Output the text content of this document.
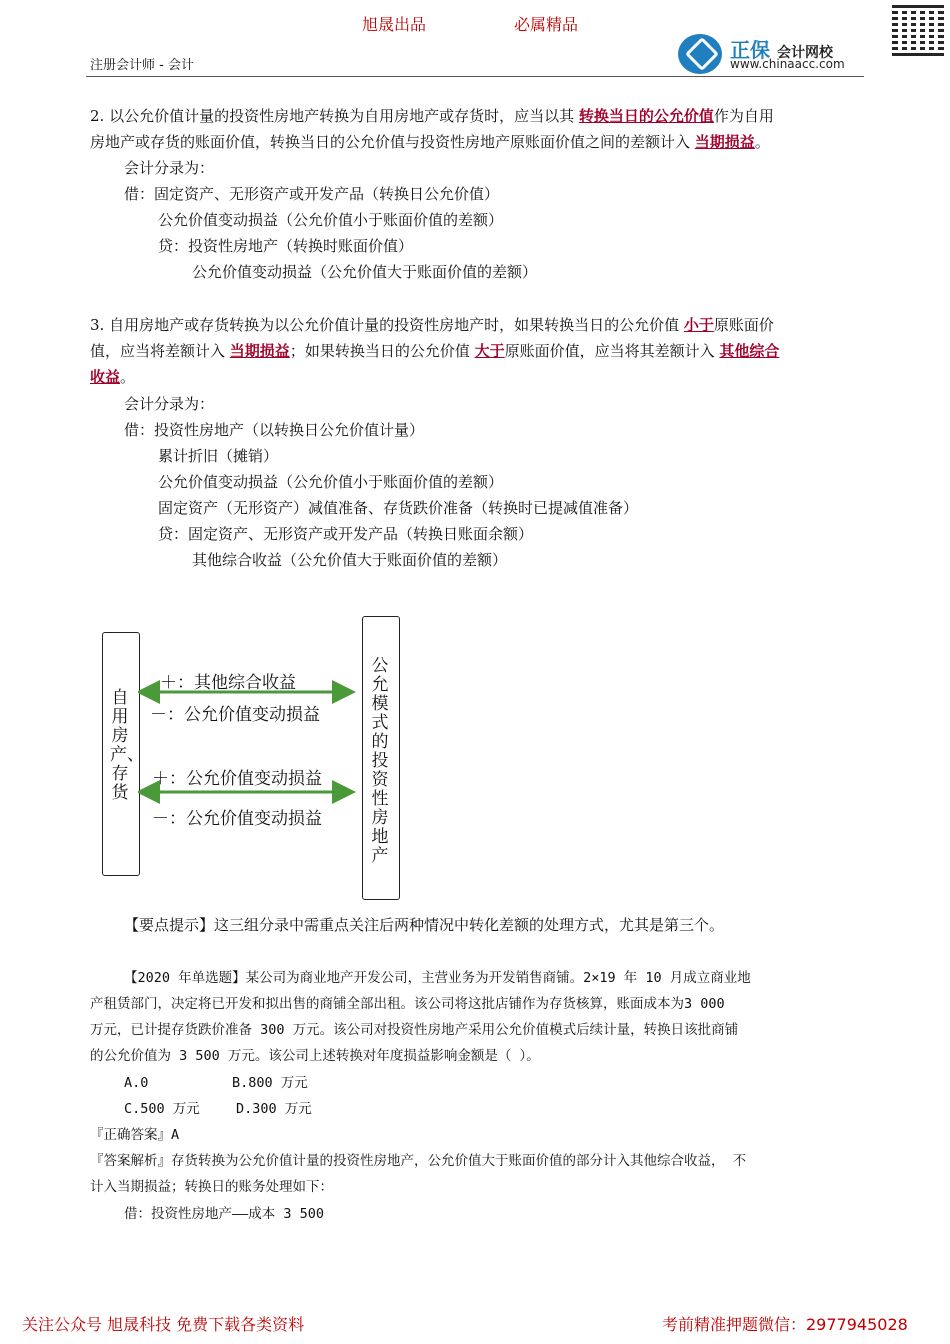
旭晟出品	必属精品
注册会计师 - 会计
正保 会计网校
www.chinaacc.com
2. 以公允价值计量的投资性房地产转换为自用房地产或存货时，应当以其 转换当日的公允价值作为自用
房地产或存货的账面价值，转换当日的公允价值与投资性房地产原账面价值之间的差额计入 当期损益。
会计分录为：
借：固定资产、无形资产或开发产品（转换日公允价值）
公允价值变动损益（公允价值小于账面价值的差额）
贷：投资性房地产（转换时账面价值）
公允价值变动损益（公允价值大于账面价值的差额）
3. 自用房地产或存货转换为以公允价值计量的投资性房地产时，如果转换当日的公允价值 小于原账面价
值，应当将差额计入 当期损益；如果转换当日的公允价值 大于原账面价值，应当将其差额计入 其他综合
收益。
会计分录为：
借：投资性房地产（以转换日公允价值计量）
累计折旧（摊销）
公允价值变动损益（公允价值小于账面价值的差额）
固定资产（无形资产）减值准备、存货跌价准备（转换时已提减值准备）
贷：固定资产、无形资产或开发产品（转换日账面余额）
其他综合收益（公允价值大于账面价值的差额）
自用房产、存货
公允模式的投资性房地产
＋：其他综合收益
－：公允价值变动损益
＋：公允价值变动损益
－：公允价值变动损益
【要点提示】这三组分录中需重点关注后两种情况中转化差额的处理方式，尤其是第三个。
【2020 年单选题】某公司为商业地产开发公司，主营业务为开发销售商铺。2×19 年 10 月成立商业地
产租赁部门，决定将已开发和拟出售的商铺全部出租。该公司将这批店铺作为存货核算，账面成本为3 000
万元，已计提存货跌价准备 300 万元。该公司对投资性房地产采用公允价值模式后续计量，转换日该批商铺
的公允价值为 3 500 万元。该公司上述转换对年度损益影响金额是（ ）。
A.0	B.800 万元
C.500 万元	D.300 万元
『正确答案』A
『答案解析』存货转换为公允价值计量的投资性房地产，公允价值大于账面价值的部分计入其他综合收益， 不
计入当期损益；转换日的账务处理如下：
借：投资性房地产——成本 3 500
关注公众号 旭晟科技 免费下载各类资料	考前精准押题微信：2977945028
